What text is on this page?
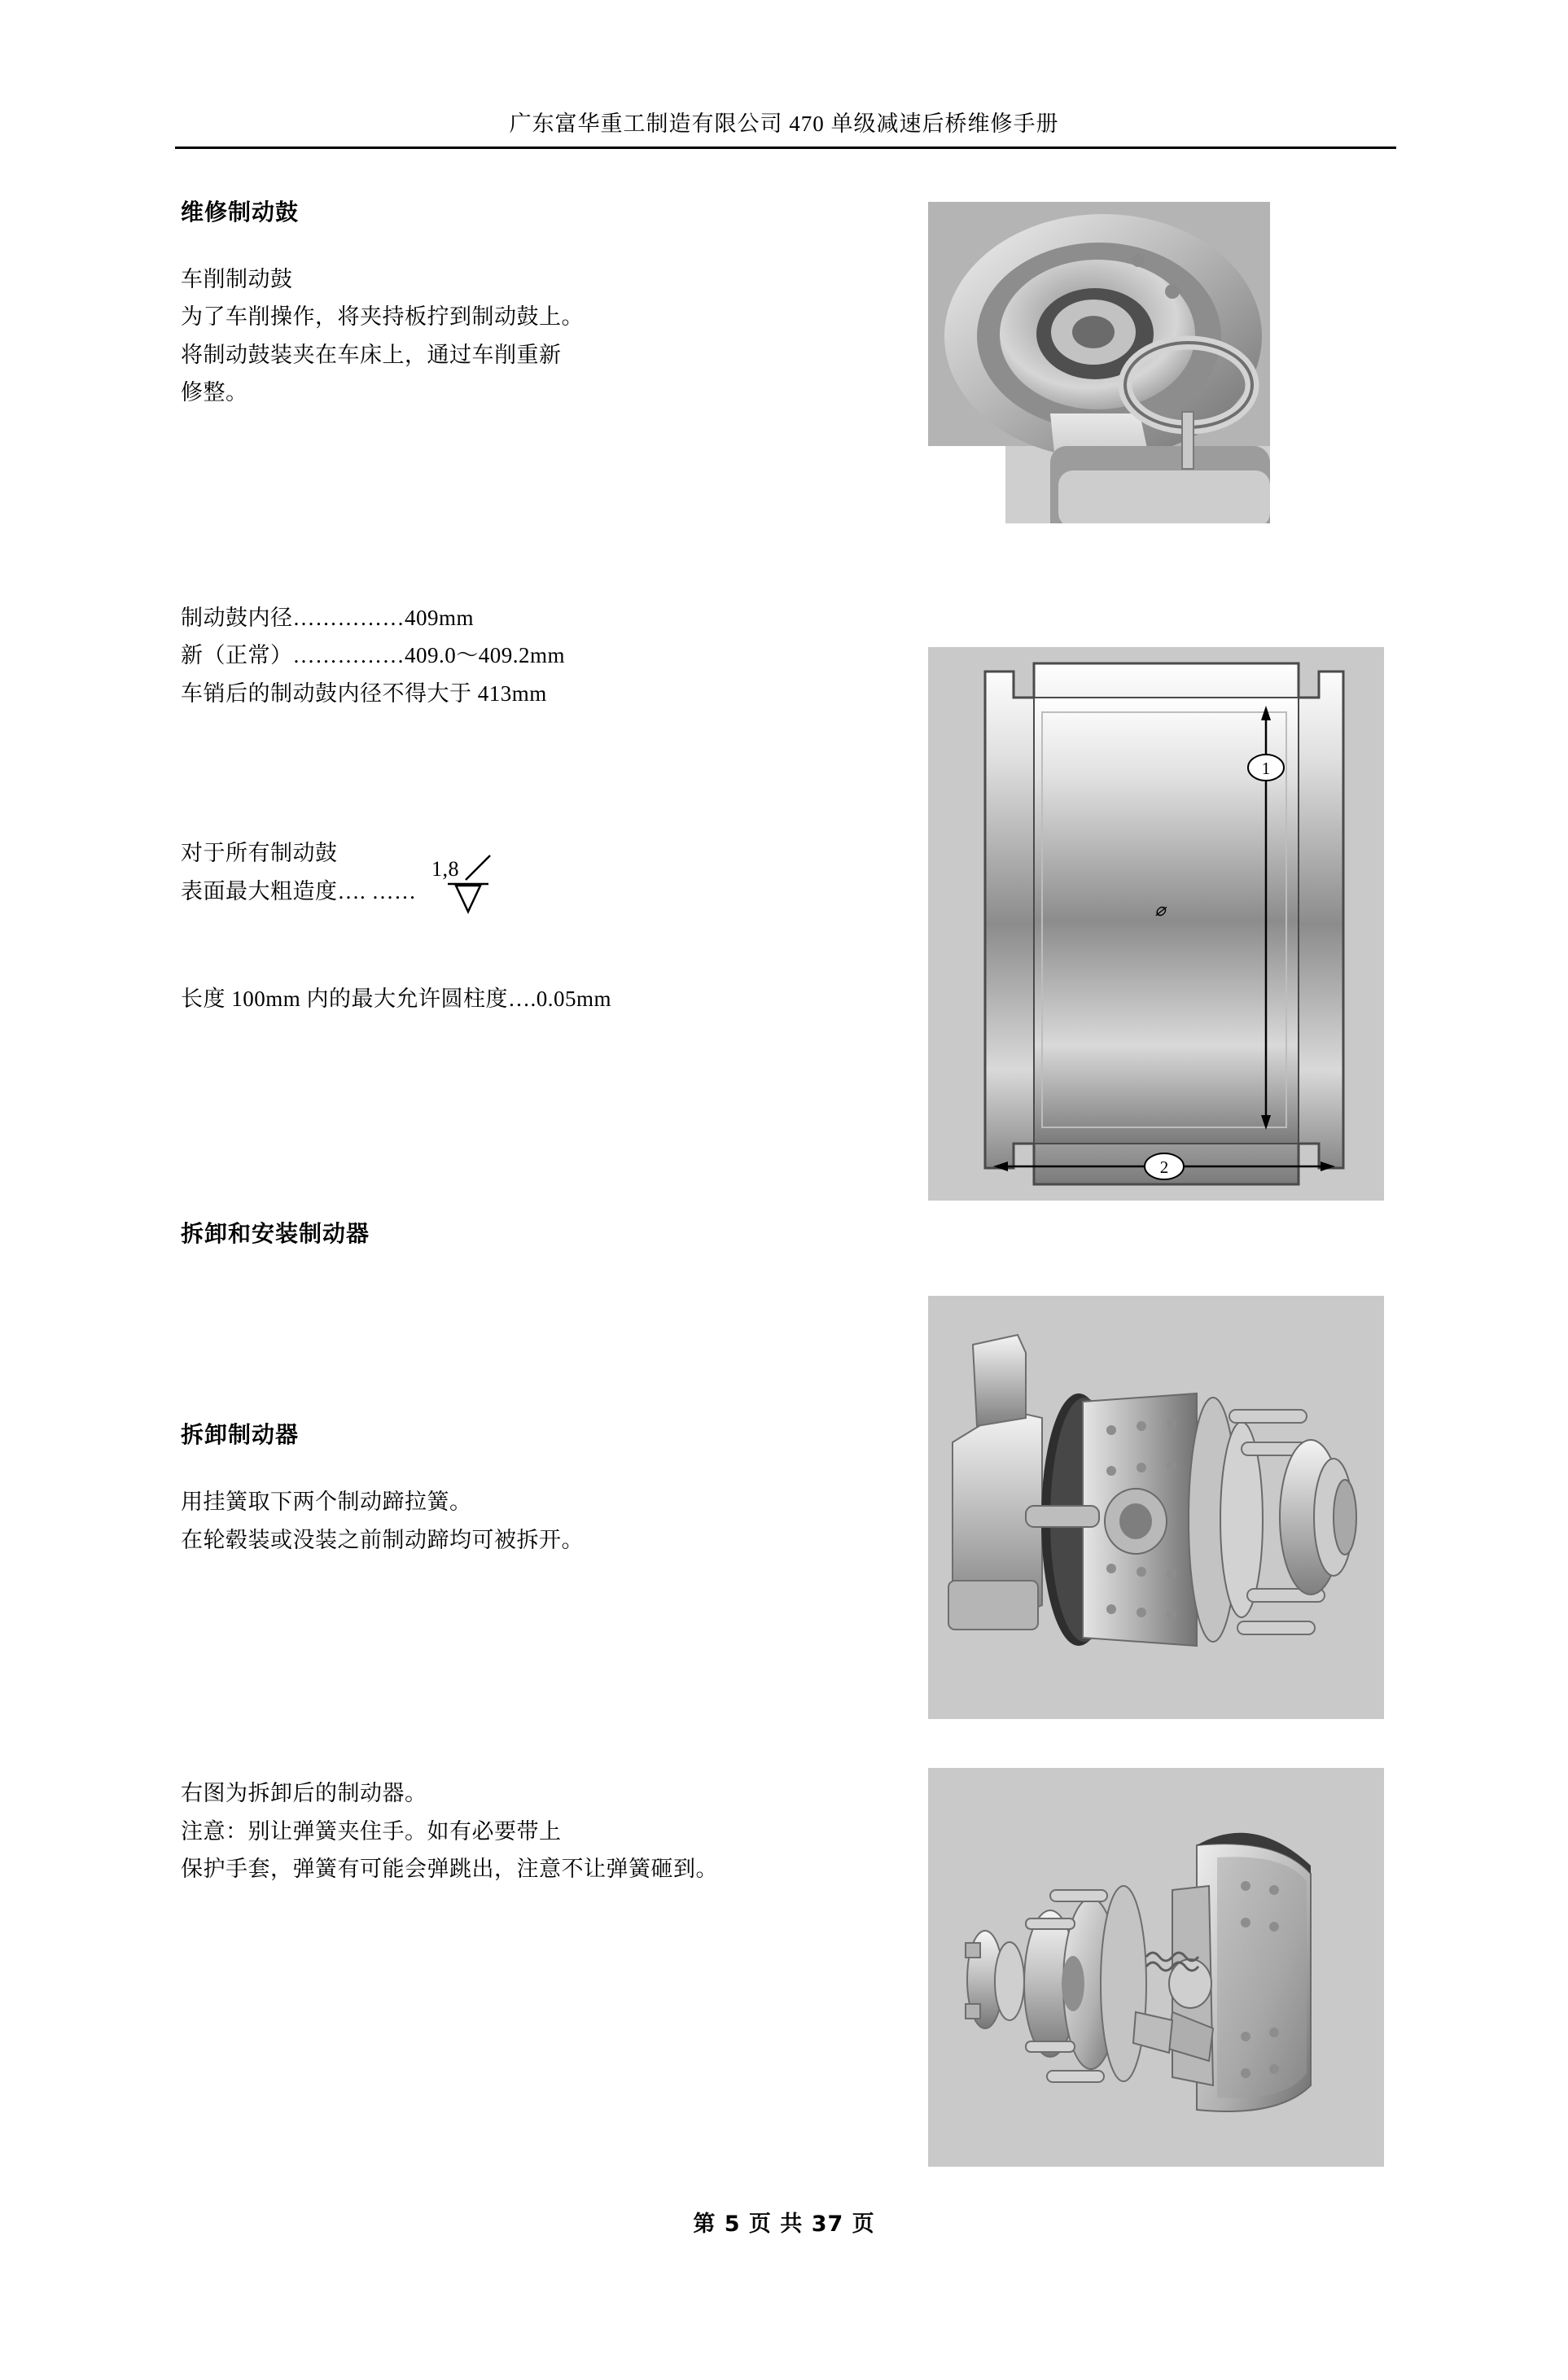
广东富华重工制造有限公司 470 单级减速后桥维修手册
维修制动鼓
车削制动鼓
为了车削操作，将夹持板拧到制动鼓上。
将制动鼓装夹在车床上，通过车削重新
修整。
制动鼓内径……………409mm
新（正常）……………409.0～409.2mm
车销后的制动鼓内径不得大于 413mm
对于所有制动鼓
表面最大粗造度…. ……
1,8
长度 100mm 内的最大允许圆柱度….0.05mm
拆卸和安装制动器
拆卸制动器
用挂簧取下两个制动蹄拉簧。
在轮毂装或没装之前制动蹄均可被拆开。
右图为拆卸后的制动器。
注意：别让弹簧夹住手。如有必要带上
保护手套，弹簧有可能会弹跳出，注意不让弹簧砸到。
1
⌀
2
第 5 页 共 37 页
